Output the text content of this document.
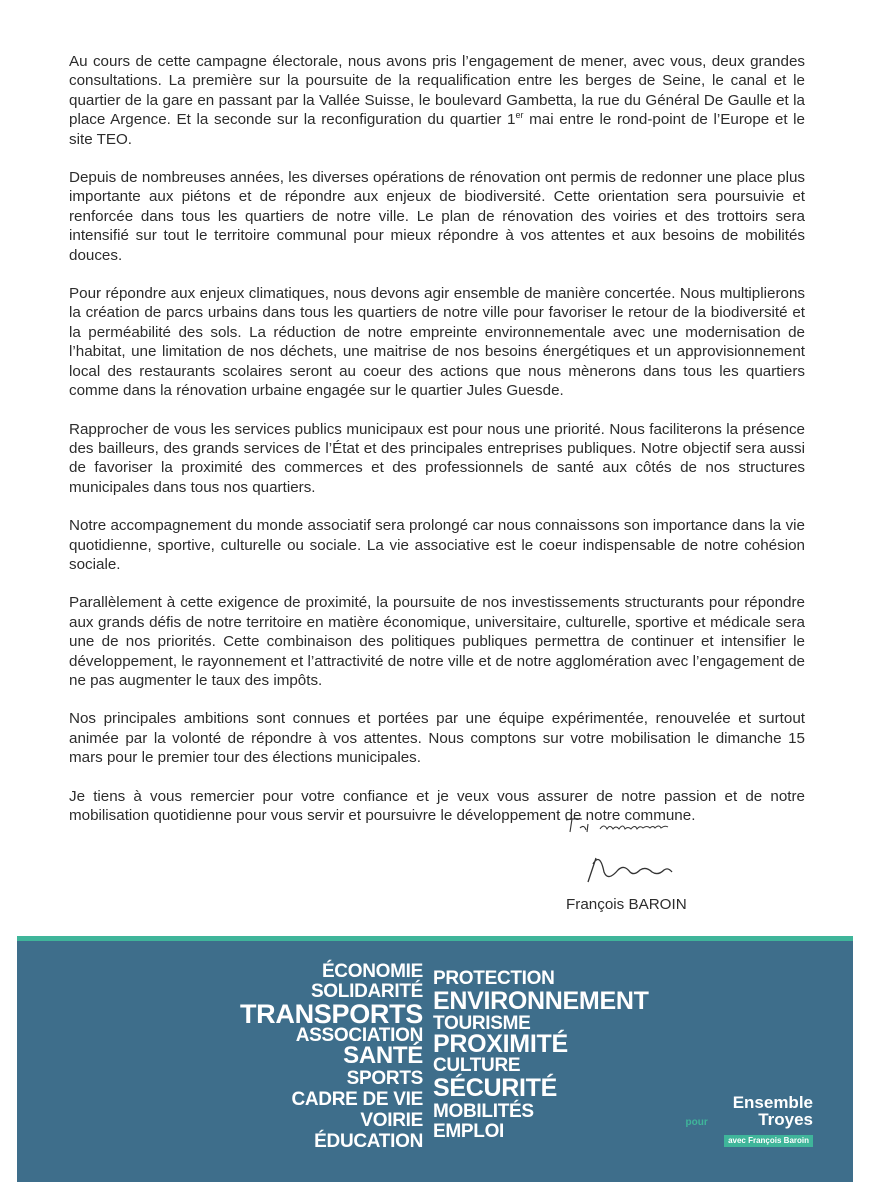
Au cours de cette campagne électorale, nous avons pris l’engagement de mener, avec vous, deux grandes consultations. La première sur la poursuite de la requalification entre les berges de Seine, le canal et le quartier de la gare en passant par la Vallée Suisse, le boulevard Gambetta, la rue du Général De Gaulle et la place Argence. Et la seconde sur la reconfiguration du quartier 1er mai entre le rond-point de l’Europe et le site TEO.

Depuis de nombreuses années, les diverses opérations de rénovation ont permis de redonner une place plus importante aux piétons et de répondre aux enjeux de biodiversité. Cette orientation sera poursuivie et renforcée dans tous les quartiers de notre ville. Le plan de rénovation des voiries et des trottoirs sera intensifié sur tout le territoire communal pour mieux répondre à vos attentes et aux besoins de mobilités douces.

Pour répondre aux enjeux climatiques, nous devons agir ensemble de manière concertée. Nous multiplierons la création de parcs urbains dans tous les quartiers de notre ville pour favoriser le retour de la biodiversité et la perméabilité des sols. La réduction de notre empreinte environnementale avec une modernisation de l’habitat, une limitation de nos déchets, une maitrise de nos besoins énergétiques et un approvisionnement local des restaurants scolaires seront au coeur des actions que nous mènerons dans tous les quartiers comme dans la rénovation urbaine engagée sur le quartier Jules Guesde.

Rapprocher de vous les services publics municipaux est pour nous une priorité. Nous faciliterons la présence des bailleurs, des grands services de l’État et des principales entreprises publiques. Notre objectif sera aussi de favoriser la proximité des commerces et des professionnels de santé aux côtés de nos structures municipales dans tous nos quartiers.

Notre accompagnement du monde associatif sera prolongé car nous connaissons son importance dans la vie quotidienne, sportive, culturelle ou sociale. La vie associative est le coeur indispensable de notre cohésion sociale.

Parallèlement à cette exigence de proximité, la poursuite de nos investissements structurants pour répondre aux grands défis de notre territoire en matière économique, universitaire, culturelle, sportive et médicale sera une de nos priorités. Cette combinaison des politiques publiques permettra de continuer et intensifier le développement, le rayonnement et l’attractivité de notre ville et de notre agglomération avec l’engagement de ne pas augmenter le taux des impôts.

Nos principales ambitions sont connues et portées par une équipe expérimentée, renouvelée et surtout animée par la volonté de répondre à vos attentes. Nous comptons sur votre mobilisation le dimanche 15 mars pour le premier tour des élections municipales.

Je tiens à vous remercier pour votre confiance et je veux vous assurer de notre passion et de notre mobilisation quotidienne pour vous servir et poursuivre le développement de notre commune.

François BAROIN
ÉCONOMIE
SOLIDARITÉ
TRANSPORTS
ASSOCIATION
SANTÉ
SPORTS
CADRE DE VIE
VOIRIE
ÉDUCATION
PROTECTION
ENVIRONNEMENT
TOURISME
PROXIMITÉ
CULTURE
SÉCURITÉ
MOBILITÉS
EMPLOI
Ensemble
pour	Troyes
avec François Baroin
